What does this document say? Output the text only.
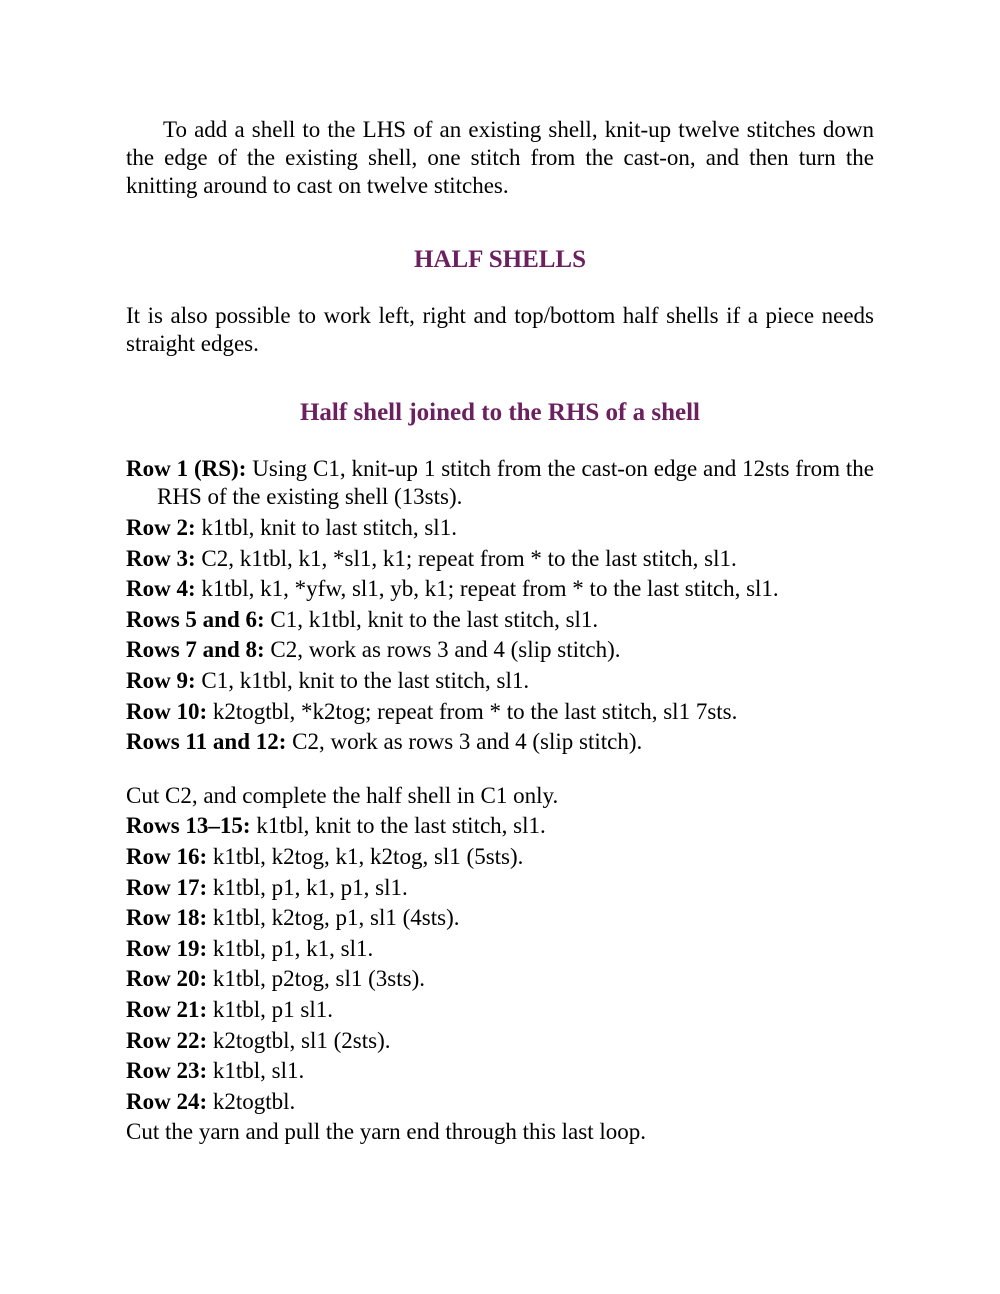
To add a shell to the LHS of an existing shell, knit-up twelve stitches down the edge of the existing shell, one stitch from the cast-on, and then turn the knitting around to cast on twelve stitches.

HALF SHELLS

It is also possible to work left, right and top/bottom half shells if a piece needs straight edges.

Half shell joined to the RHS of a shell
Row 1 (RS): Using C1, knit-up 1 stitch from the cast-on edge and 12sts from the RHS of the existing shell (13sts).
Row 2: k1tbl, knit to last stitch, sl1.
Row 3: C2, k1tbl, k1, *sl1, k1; repeat from * to the last stitch, sl1.
Row 4: k1tbl, k1, *yfw, sl1, yb, k1; repeat from * to the last stitch, sl1.
Rows 5 and 6: C1, k1tbl, knit to the last stitch, sl1.
Rows 7 and 8: C2, work as rows 3 and 4 (slip stitch).
Row 9: C1, k1tbl, knit to the last stitch, sl1.
Row 10: k2togtbl, *k2tog; repeat from * to the last stitch, sl1 7sts.
Rows 11 and 12: C2, work as rows 3 and 4 (slip stitch).
Cut C2, and complete the half shell in C1 only.
Rows 13–15: k1tbl, knit to the last stitch, sl1.
Row 16: k1tbl, k2tog, k1, k2tog, sl1 (5sts).
Row 17: k1tbl, p1, k1, p1, sl1.
Row 18: k1tbl, k2tog, p1, sl1 (4sts).
Row 19: k1tbl, p1, k1, sl1.
Row 20: k1tbl, p2tog, sl1 (3sts).
Row 21: k1tbl, p1 sl1.
Row 22: k2togtbl, sl1 (2sts).
Row 23: k1tbl, sl1.
Row 24: k2togtbl.
Cut the yarn and pull the yarn end through this last loop.
